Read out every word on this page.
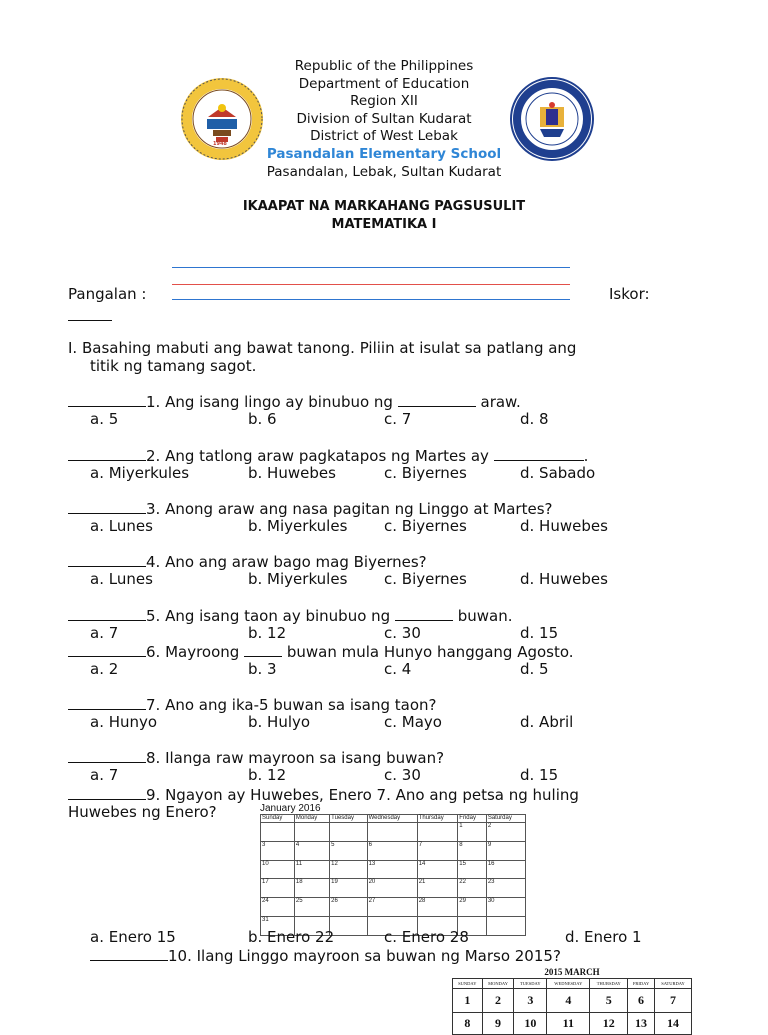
1948
Republic of the Philippines
Department of Education
Region XII
Division of Sultan Kudarat
District of West Lebak
Pasandalan Elementary School
Pasandalan, Lebak, Sultan Kudarat
IKAAPAT NA MARKAHANG PAGSUSULIT
MATEMATIKA I
Pangalan :	Iskor:
I. Basahing mabuti ang bawat tanong. Piliin at isulat sa patlang ang
titik ng tamang sagot.
1. Ang isang lingo ay binubuo ng	araw.
a. 5	b. 6	c. 7	d. 8
2. Ang tatlong araw pagkatapos ng Martes ay	.
a. Miyerkules	b. Huwebes	c. Biyernes	d. Sabado
3. Anong araw ang nasa pagitan ng Linggo at Martes?
a. Lunes	b. Miyerkules c. Biyernes	d. Huwebes
4. Ano ang araw bago mag Biyernes?
a. Lunes	b. Miyerkules c. Biyernes	d. Huwebes
5. Ang isang taon ay binubuo ng	buwan.
a. 7	b. 12	c. 30	d. 15
6. Mayroong	buwan mula Hunyo hanggang Agosto.
a. 2	b. 3	c. 4	d. 5
7. Ano ang ika-5 buwan sa isang taon?
a. Hunyo	b. Hulyo	c. Mayo	d. Abril
8. Ilanga raw mayroon sa isang buwan?
a. 7	b. 12	c. 30	d. 15
9. Ngayon ay Huwebes, Enero 7. Ano ang petsa ng huling
Huwebes ng Enero?	January 2016
Sunday	Monday	Tuesday	Wednesday	Thursday	Friday	Saturday
					1	2
3	4	5	6	7	8	9
10	11	12	13	14	15	16
17	18	19	20	21	22	23
24	25	26	27	28	29	30
31						
a. Enero 15	b. Enero 22	c. Enero 28	d. Enero 1
10. Ilang Linggo mayroon sa buwan ng Marso 2015?
2015 MARCH						
SUNDAY	MONDAY	TUESDAY	WEDNESDAY	THURSDAY	FRIDAY	SATURDAY
1	2	3	4	5	6	7
8	9	10	11	12	13	14
